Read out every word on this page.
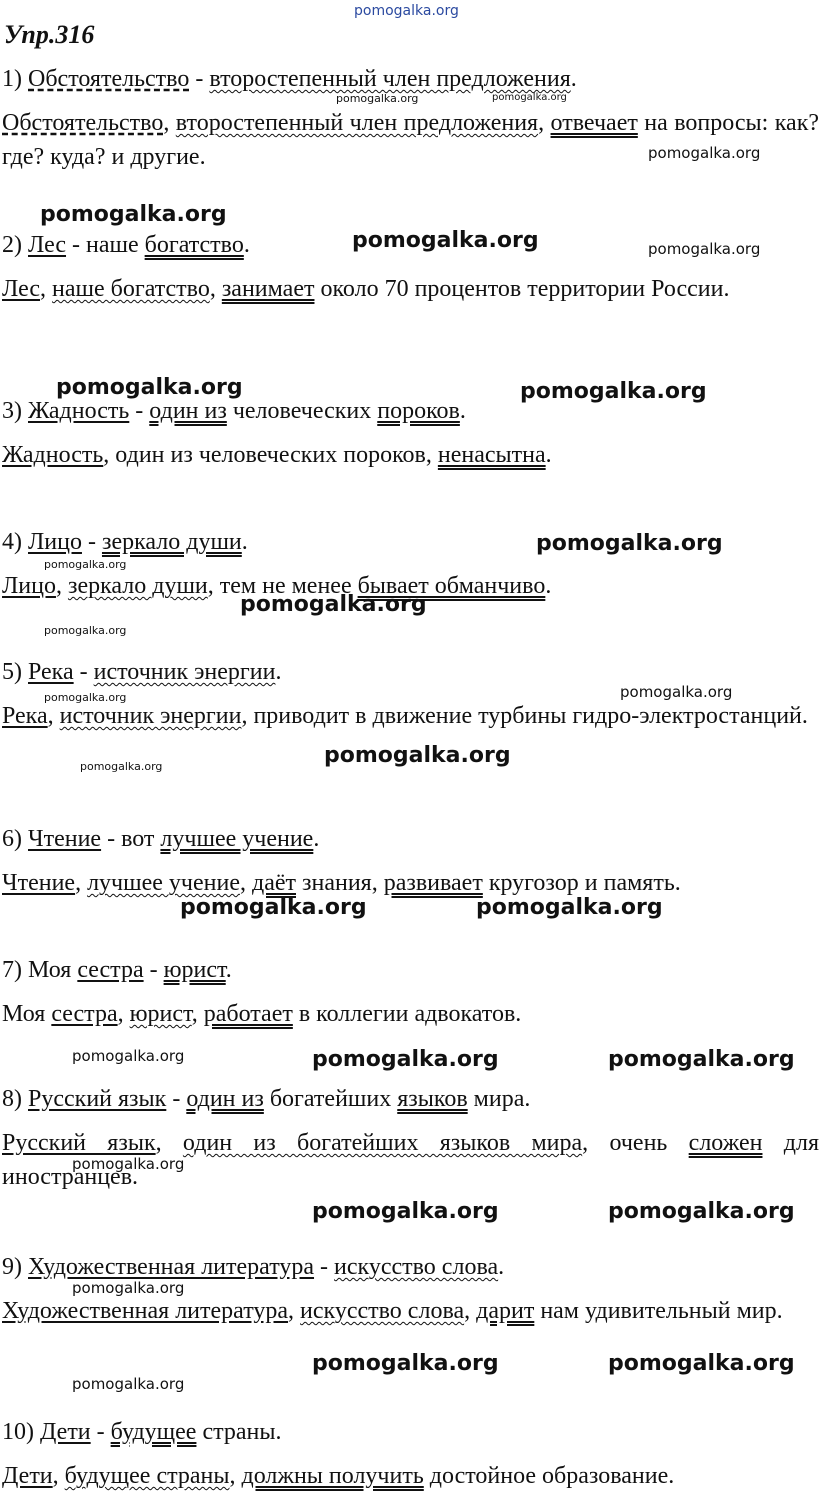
pomogalka.org
Упр.316
1) Обстоятельство - второстепенный член предложения.
Обстоятельство, второстепенный член предложения, отвечает на вопросы: как? где? куда? и другие.
2) Лес - наше богатство.
Лес, наше богатство, занимает около 70 процентов территории России.
3) Жадность - один из человеческих пороков.
Жадность, один из человеческих пороков, ненасытна.
4) Лицо - зеркало души.
Лицо, зеркало души, тем не менее бывает обманчиво.
5) Река - источник энергии.
Река, источник энергии, приводит в движение турбины гидро-электростанций.
6) Чтение - вот лучшее учение.
Чтение, лучшее учение, даёт знания, развивает кругозор и память.
7) Моя сестра - юрист.
Моя сестра, юрист, работает в коллегии адвокатов.
8) Русский язык - один из богатейших языков мира.
Русский язык, один из богатейших языков мира, очень сложен для иностранцев.
9) Художественная литература - искусство слова.
Художественная литература, искусство слова, дарит нам удивительный мир.
10) Дети - будущее страны.
Дети, будущее страны, должны получить достойное образование.
pomogalka.org	pomogalka.org
pomogalka.org
pomogalka.org
pomogalka.org	pomogalka.org
pomogalka.org	pomogalka.org
pomogalka.org
pomogalka.org
pomogalka.org
pomogalka.org
pomogalka.org
pomogalka.org
pomogalka.org	pomogalka.org
pomogalka.org	pomogalka.org
pomogalka.org	pomogalka.org	pomogalka.org
pomogalka.org
pomogalka.org	pomogalka.org
pomogalka.org
pomogalka.org	pomogalka.org
pomogalka.org
